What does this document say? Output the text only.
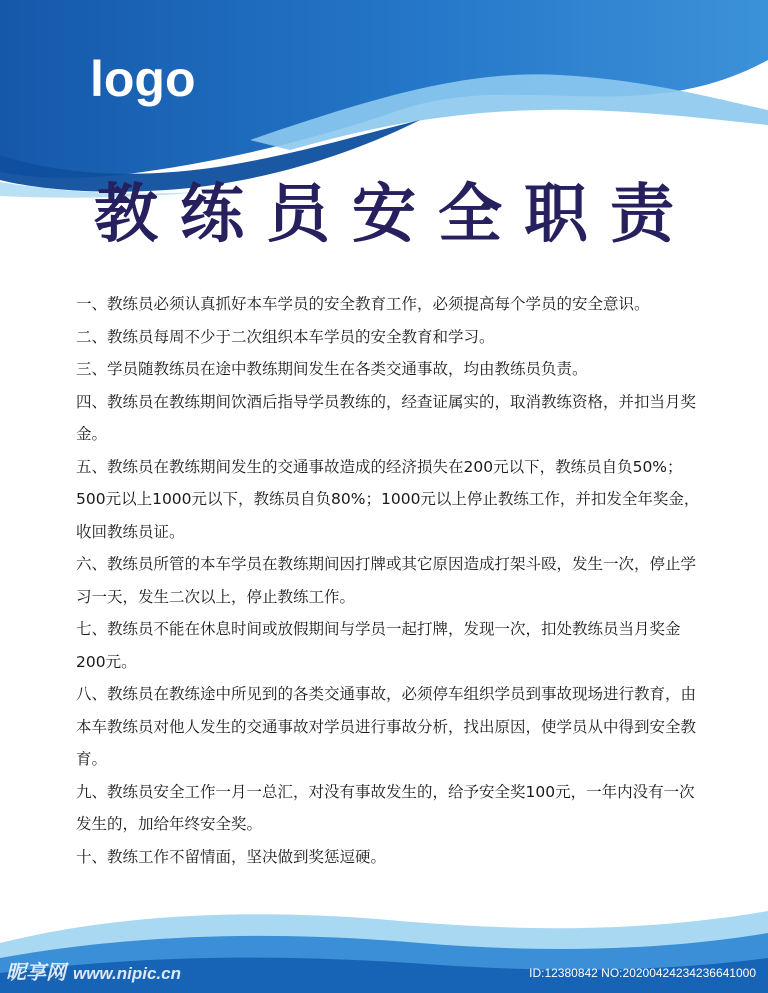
logo
教练员安全职责
一、教练员必须认真抓好本车学员的安全教育工作，必须提高每个学员的安全意识。
二、教练员每周不少于二次组织本车学员的安全教育和学习。
三、学员随教练员在途中教练期间发生在各类交通事故，均由教练员负责。
四、教练员在教练期间饮酒后指导学员教练的，经查证属实的，取消教练资格，并扣当月奖金。
五、教练员在教练期间发生的交通事故造成的经济损失在200元以下，教练员自负50%；500元以上1000元以下，教练员自负80%；1000元以上停止教练工作，并扣发全年奖金，收回教练员证。
六、教练员所管的本车学员在教练期间因打牌或其它原因造成打架斗殴，发生一次，停止学习一天，发生二次以上，停止教练工作。
七、教练员不能在休息时间或放假期间与学员一起打牌，发现一次，扣处教练员当月奖金200元。
八、教练员在教练途中所见到的各类交通事故，必须停车组织学员到事故现场进行教育，由本车教练员对他人发生的交通事故对学员进行事故分析，找出原因，使学员从中得到安全教育。
九、教练员安全工作一月一总汇，对没有事故发生的，给予安全奖100元，一年内没有一次发生的，加给年终安全奖。
十、教练工作不留情面，坚决做到奖惩逗硬。
昵享网 www.nipic.cn	ID:12380842 NO:20200424234236641000
